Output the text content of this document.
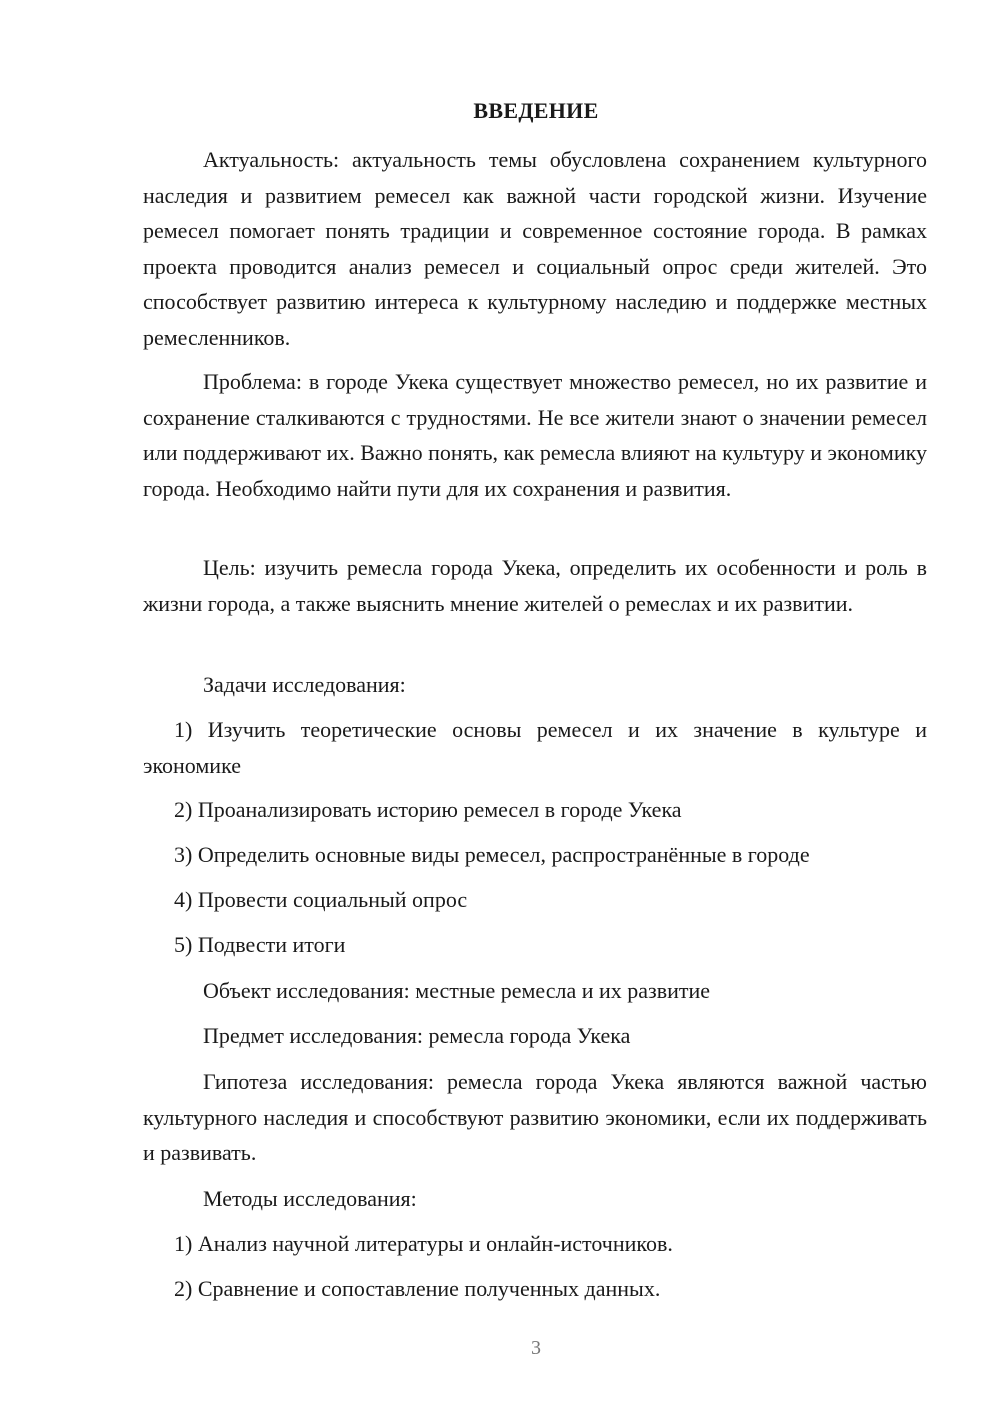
ВВЕДЕНИЕ

Актуальность: актуальность темы обусловлена сохранением культурного наследия и развитием ремесел как важной части городской жизни. Изучение ремесел помогает понять традиции и современное состояние города. В рамках проекта проводится анализ ремесел и социальный опрос среди жителей. Это способствует развитию интереса к культурному наследию и поддержке местных ремесленников.

Проблема: в городе Укека существует множество ремесел, но их развитие и сохранение сталкиваются с трудностями. Не все жители знают о значении ремесел или поддерживают их. Важно понять, как ремесла влияют на культуру и экономику города. Необходимо найти пути для их сохранения и развития.

Цель: изучить ремесла города Укека, определить их особенности и роль в жизни города, а также выяснить мнение жителей о ремеслах и их развитии.

Задачи исследования:

1) Изучить теоретические основы ремесел и их значение в культуре и экономике

2) Проанализировать историю ремесел в городе Укека

3) Определить основные виды ремесел, распространённые в городе

4) Провести социальный опрос

5) Подвести итоги

Объект исследования: местные ремесла и их развитие

Предмет исследования: ремесла города Укека

Гипотеза исследования: ремесла города Укека являются важной частью культурного наследия и способствуют развитию экономики, если их поддерживать и развивать.

Методы исследования:

1) Анализ научной литературы и онлайн-источников.

2) Сравнение и сопоставление полученных данных.

3
